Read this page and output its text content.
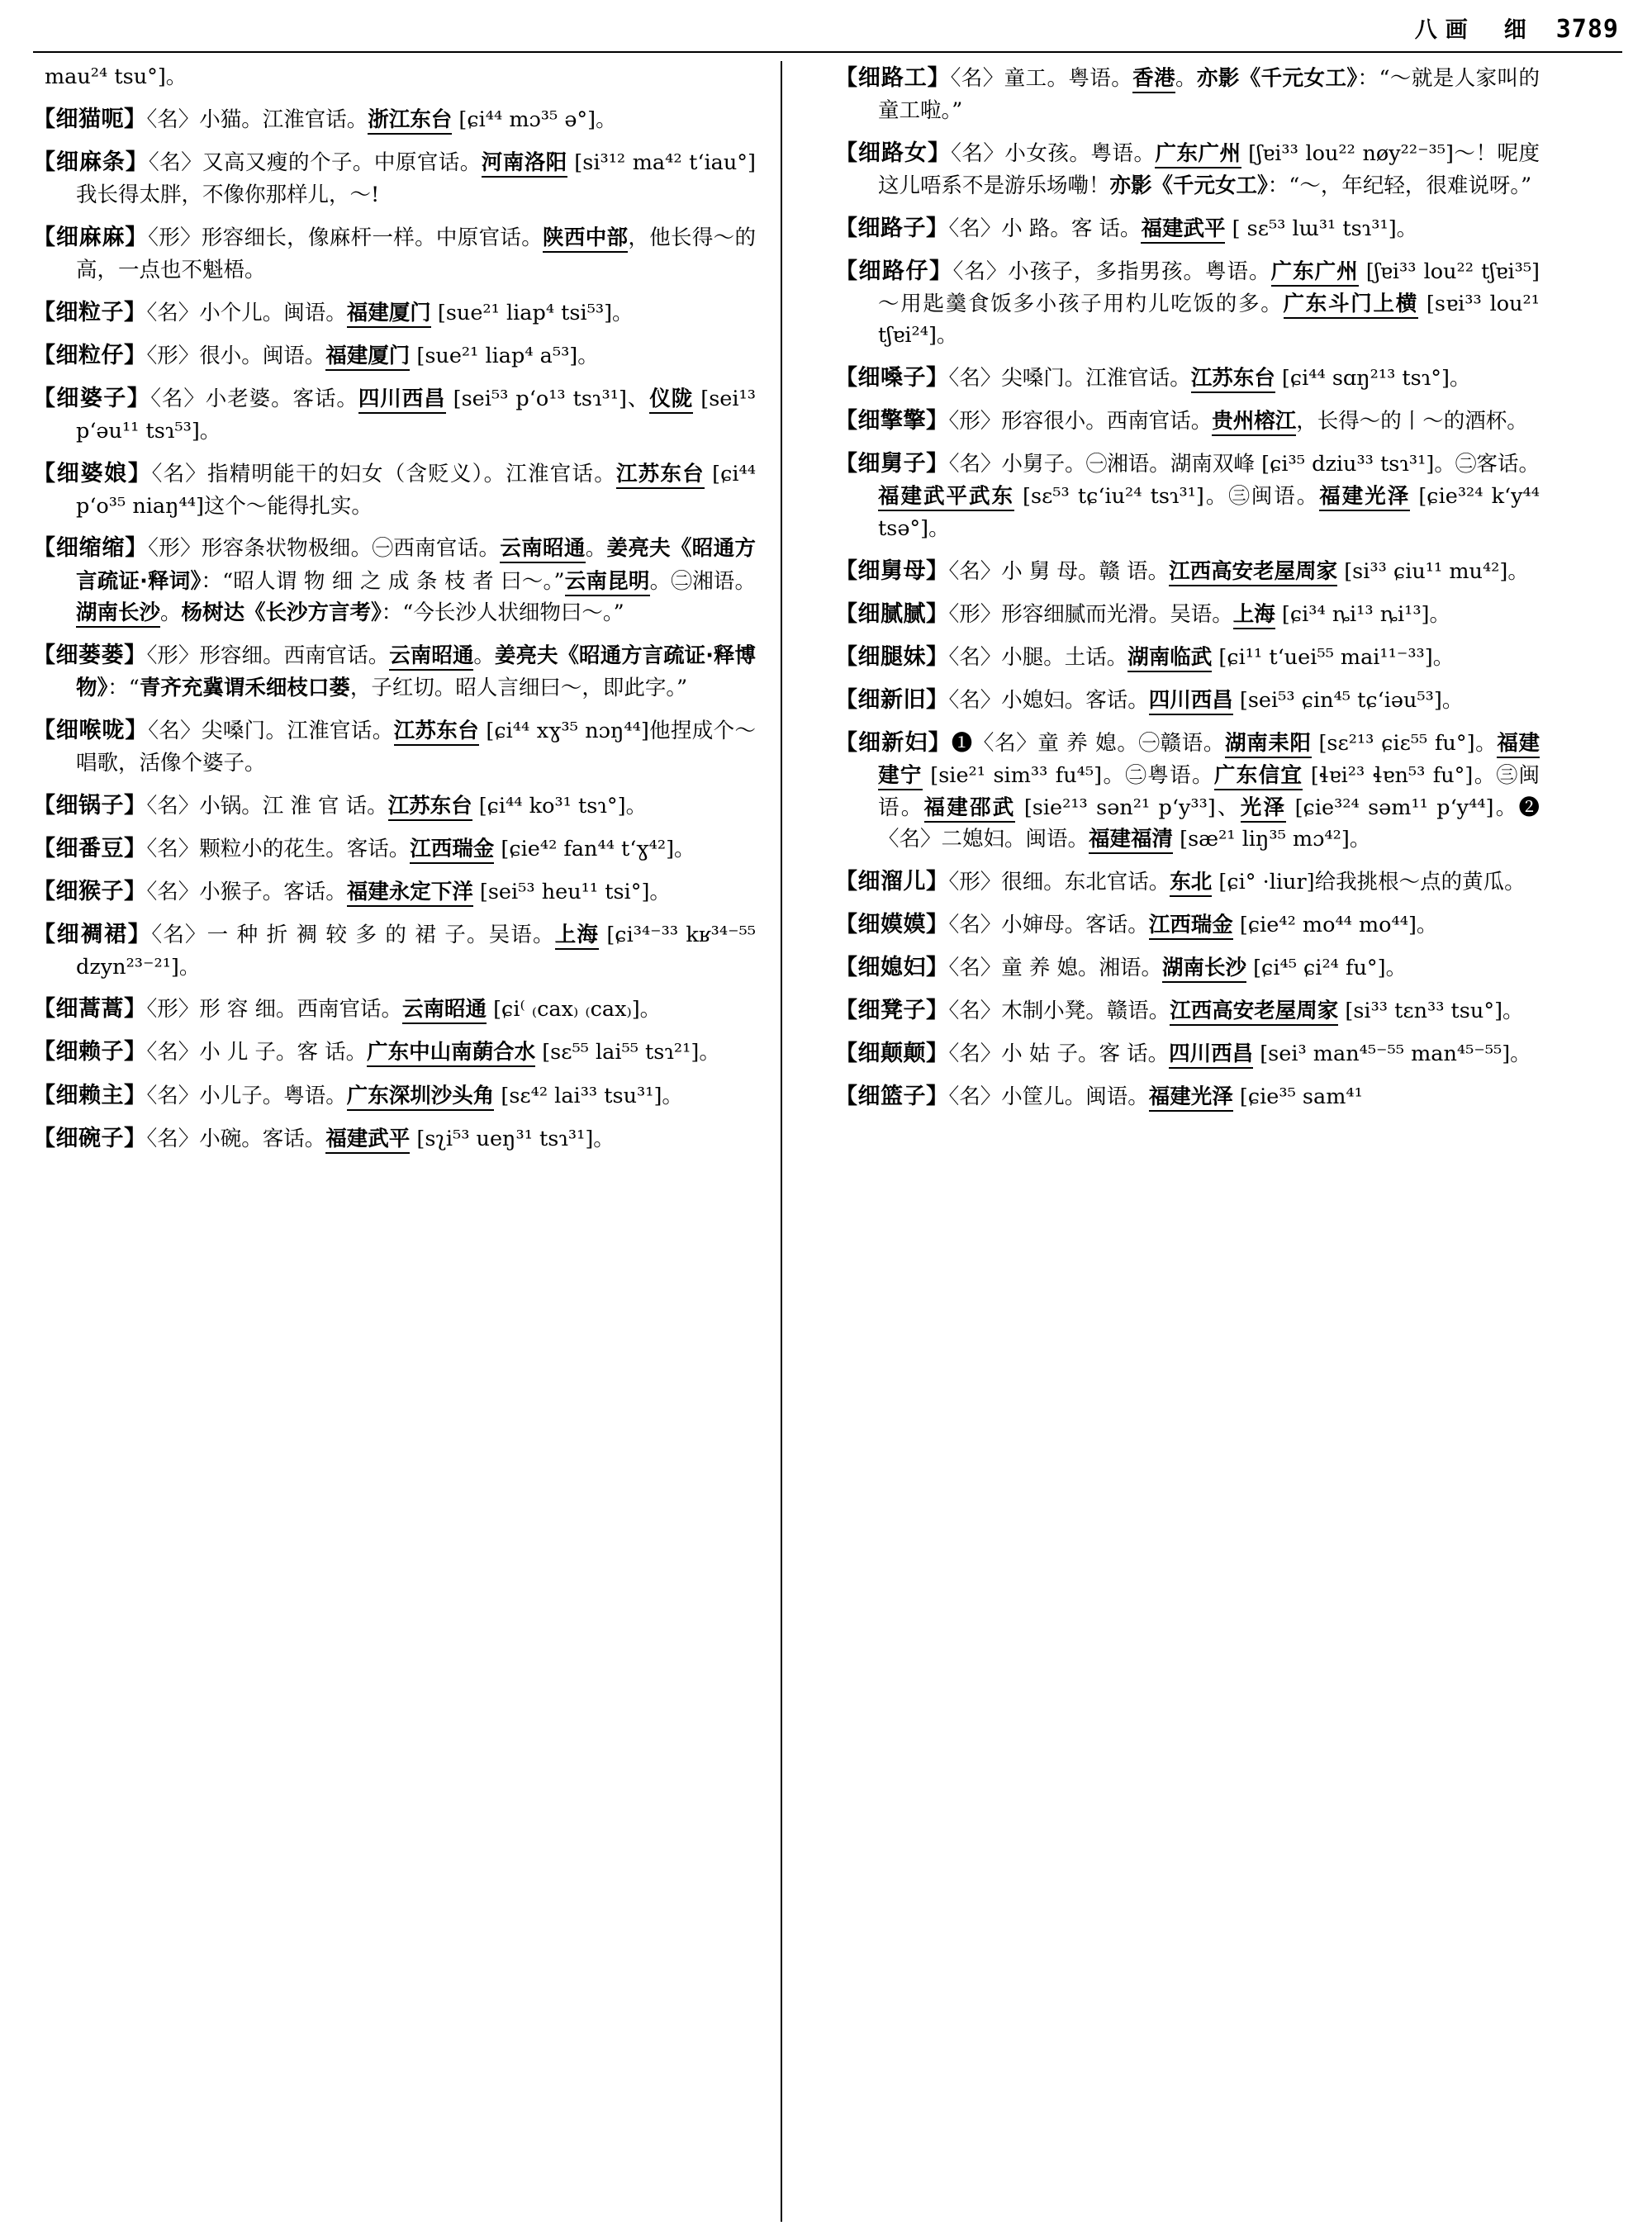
八画 细 3789
mau²⁴ tsu°]。
【细猫呃】〈名〉小猫。江淮官话。浙江东台 [ɕi⁴⁴ mɔ³⁵ ə°]。
【细麻条】〈名〉又高又瘦的个子。中原官话。河南洛阳 [si³¹² ma⁴² tʻiau°]我长得太胖，不像你那样儿，～!
【细麻麻】〈形〉形容细长，像麻杆一样。中原官话。陕西中部，他长得～的高，一点也不魁梧。
【细粒子】〈名〉小个儿。闽语。福建厦门 [sue²¹ liap⁴ tsi⁵³]。
【细粒仔】〈形〉很小。闽语。福建厦门 [sue²¹ liap⁴ a⁵³]。
【细婆子】〈名〉小老婆。客话。四川西昌 [sei⁵³ pʻo¹³ tsɿ³¹]、仪陇 [sei¹³ pʻəu¹¹ tsɿ⁵³]。
【细婆娘】〈名〉指精明能干的妇女（含贬义）。江淮官话。江苏东台 [ɕi⁴⁴ pʻo³⁵ niaŋ⁴⁴]这个～能得扎实。
【细缩缩】〈形〉形容条状物极细。㊀西南官话。云南昭通。姜亮夫《昭通方言疏证·释词》：“昭人谓 物 细 之 成 条 枝 者 曰～。”云南昆明。㊁湘语。湖南长沙。杨树达《长沙方言考》：“今长沙人状细物曰～。”
【细蒌蒌】〈形〉形容细。西南官话。云南昭通。姜亮夫《昭通方言疏证·释博物》：“青齐充冀谓禾细枝口蒌，子红切。昭人言细曰～，即此字。”
【细喉咙】〈名〉尖嗓门。江淮官话。江苏东台 [ɕi⁴⁴ xɣ³⁵ nɔŋ⁴⁴]他捏成个～唱歌，活像个婆子。
【细锅子】〈名〉小锅。江 淮 官 话。江苏东台 [ɕi⁴⁴ ko³¹ tsɿ°]。
【细番豆】〈名〉颗粒小的花生。客话。江西瑞金 [ɕie⁴² fan⁴⁴ tʻɣ⁴²]。
【细猴子】〈名〉小猴子。客话。福建永定下洋 [sei⁵³ heu¹¹ tsi°]。
【细裯裙】〈名〉一 种 折 裯 较 多 的 裙 子。吴语。上海 [ɕi³⁴⁻³³ kʁ³⁴⁻⁵⁵ dzyn²³⁻²¹]。
【细蒿蒿】〈形〉形 容 细。西南官话。云南昭通 [ɕi⁽ ₍cax₎ ₍cax₎]。
【细赖子】〈名〉小 儿 子。客 话。广东中山南蓢合水 [sɛ⁵⁵ lai⁵⁵ tsɿ²¹]。
【细赖主】〈名〉小儿子。粤语。广东深圳沙头角 [sɛ⁴² lai³³ tsu³¹]。
【细碗子】〈名〉小碗。客话。福建武平 [sʅi⁵³ ueŋ³¹ tsɿ³¹]。
【细路工】〈名〉童工。粤语。香港。亦影《千元女工》：“～就是人家叫的童工啦。”
【细路女】〈名〉小女孩。粤语。广东广州 [ʃɐi³³ lou²² nøy²²⁻³⁵]～！呢度这儿唔系不是游乐场嘞！亦影《千元女工》：“～，年纪轻，很难说呀。”
【细路子】〈名〉小 路。客 话。福建武平 [ sɛ⁵³ lɯ³¹ tsɿ³¹]。
【细路仔】〈名〉小孩子，多指男孩。粤语。广东广州 [ʃɐi³³ lou²² tʃɐi³⁵] ～用匙羹食饭多小孩子用杓儿吃饭的多。广东斗门上横 [sɐi³³ lou²¹ tʃɐi²⁴]。
【细嗓子】〈名〉尖嗓门。江淮官话。江苏东台 [ɕi⁴⁴ sɑŋ²¹³ tsɿ°]。
【细擎擎】〈形〉形容很小。西南官话。贵州榕江，长得～的丨～的酒杯。
【细舅子】〈名〉小舅子。㊀湘语。湖南双峰 [ɕi³⁵ dziu³³ tsɿ³¹]。㊁客话。福建武平武东 [sɛ⁵³ tɕʻiu²⁴ tsɿ³¹]。㊂闽语。福建光泽 [ɕie³²⁴ kʻy⁴⁴ tsə°]。
【细舅母】〈名〉小 舅 母。赣 语。江西高安老屋周家 [si³³ ɕiu¹¹ mu⁴²]。
【细腻腻】〈形〉形容细腻而光滑。吴语。上海 [ɕi³⁴ ȵi¹³ ȵi¹³]。
【细腿妹】〈名〉小腿。土话。湖南临武 [ɕi¹¹ tʻuei⁵⁵ mai¹¹⁻³³]。
【细新旧】〈名〉小媳妇。客话。四川西昌 [sei⁵³ ɕin⁴⁵ tɕʻiəu⁵³]。
【细新妇】❶〈名〉童 养 媳。㊀赣语。湖南耒阳 [sɛ²¹³ ɕiɛ⁵⁵ fu°]。福建建宁 [sie²¹ sim³³ fu⁴⁵]。㊁粤语。广东信宜 [ɬɐi²³ ɬɐn⁵³ fu°]。㊂闽 语。福建邵武 [sie²¹³ sən²¹ pʻy³³]、光泽 [ɕie³²⁴ səm¹¹ pʻy⁴⁴]。❷〈名〉二媳妇。闽语。福建福清 [sæ²¹ liŋ³⁵ mɔ⁴²]。
【细溜儿】〈形〉很细。东北官话。东北 [ɕi° ·liur]给我挑根～点的黄瓜。
【细嫫嫫】〈名〉小婶母。客话。江西瑞金 [ɕie⁴² mo⁴⁴ mo⁴⁴]。
【细媳妇】〈名〉童 养 媳。湘语。湖南长沙 [ɕi⁴⁵ ɕi²⁴ fu°]。
【细凳子】〈名〉木制小凳。赣语。江西高安老屋周家 [si³³ tɛn³³ tsu°]。
【细颠颠】〈名〉小 姑 子。客 话。四川西昌 [sei³ man⁴⁵⁻⁵⁵ man⁴⁵⁻⁵⁵]。
【细篮子】〈名〉小筐儿。闽语。福建光泽 [ɕie³⁵ sam⁴¹
